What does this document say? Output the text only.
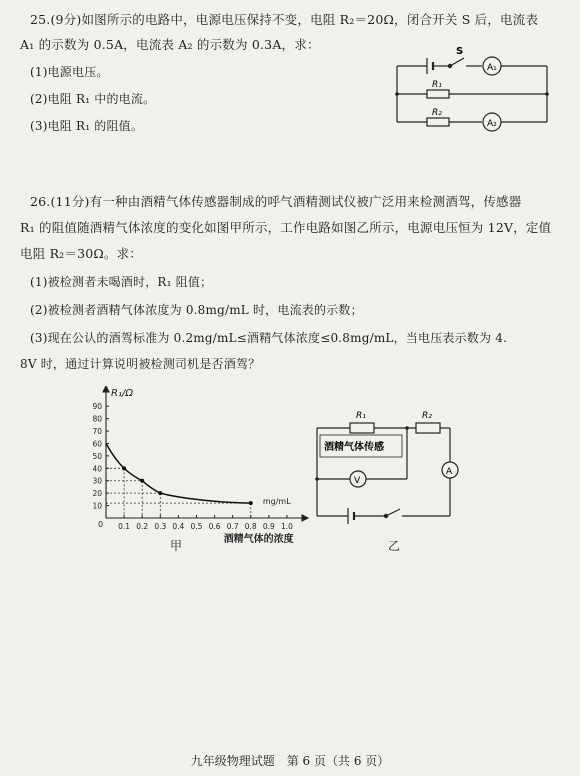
25.(9分)如图所示的电路中，电源电压保持不变，电阻 R₂＝20Ω，闭合开关 S 后，电流表
A₁ 的示数为 0.5A，电流表 A₂ 的示数为 0.3A，求：
(1)电源电压。
(2)电阻 R₁ 中的电流。
(3)电阻 R₁ 的阻值。
S
A₁
R₁
R₂
A₂
26.(11分)有一种由酒精气体传感器制成的呼气酒精测试仪被广泛用来检测酒驾，传感器
R₁ 的阻值随酒精气体浓度的变化如图甲所示，工作电路如图乙所示，电源电压恒为 12V，定值
电阻 R₂＝30Ω。求：
(1)被检测者未喝酒时，R₁ 阻值；
(2)被检测者酒精气体浓度为 0.8mg/mL 时，电流表的示数；
(3)现在公认的酒驾标准为 0.2mg/mL≤酒精气体浓度≤0.8mg/mL，当电压表示数为 4.
8V 时，通过计算说明被检测司机是否酒驾？
0.1 0.2 0.3 0.4 0.5 0.6 0.7 0.8 0.9 1.0
10
20
30
40
50
60
70
80
90
R₁/Ω
mg/mL
酒精气体的浓度
0
甲
R₁	R₂
酒精气体传感
V
A
乙
九年级物理试题　第 6 页（共 6 页）
